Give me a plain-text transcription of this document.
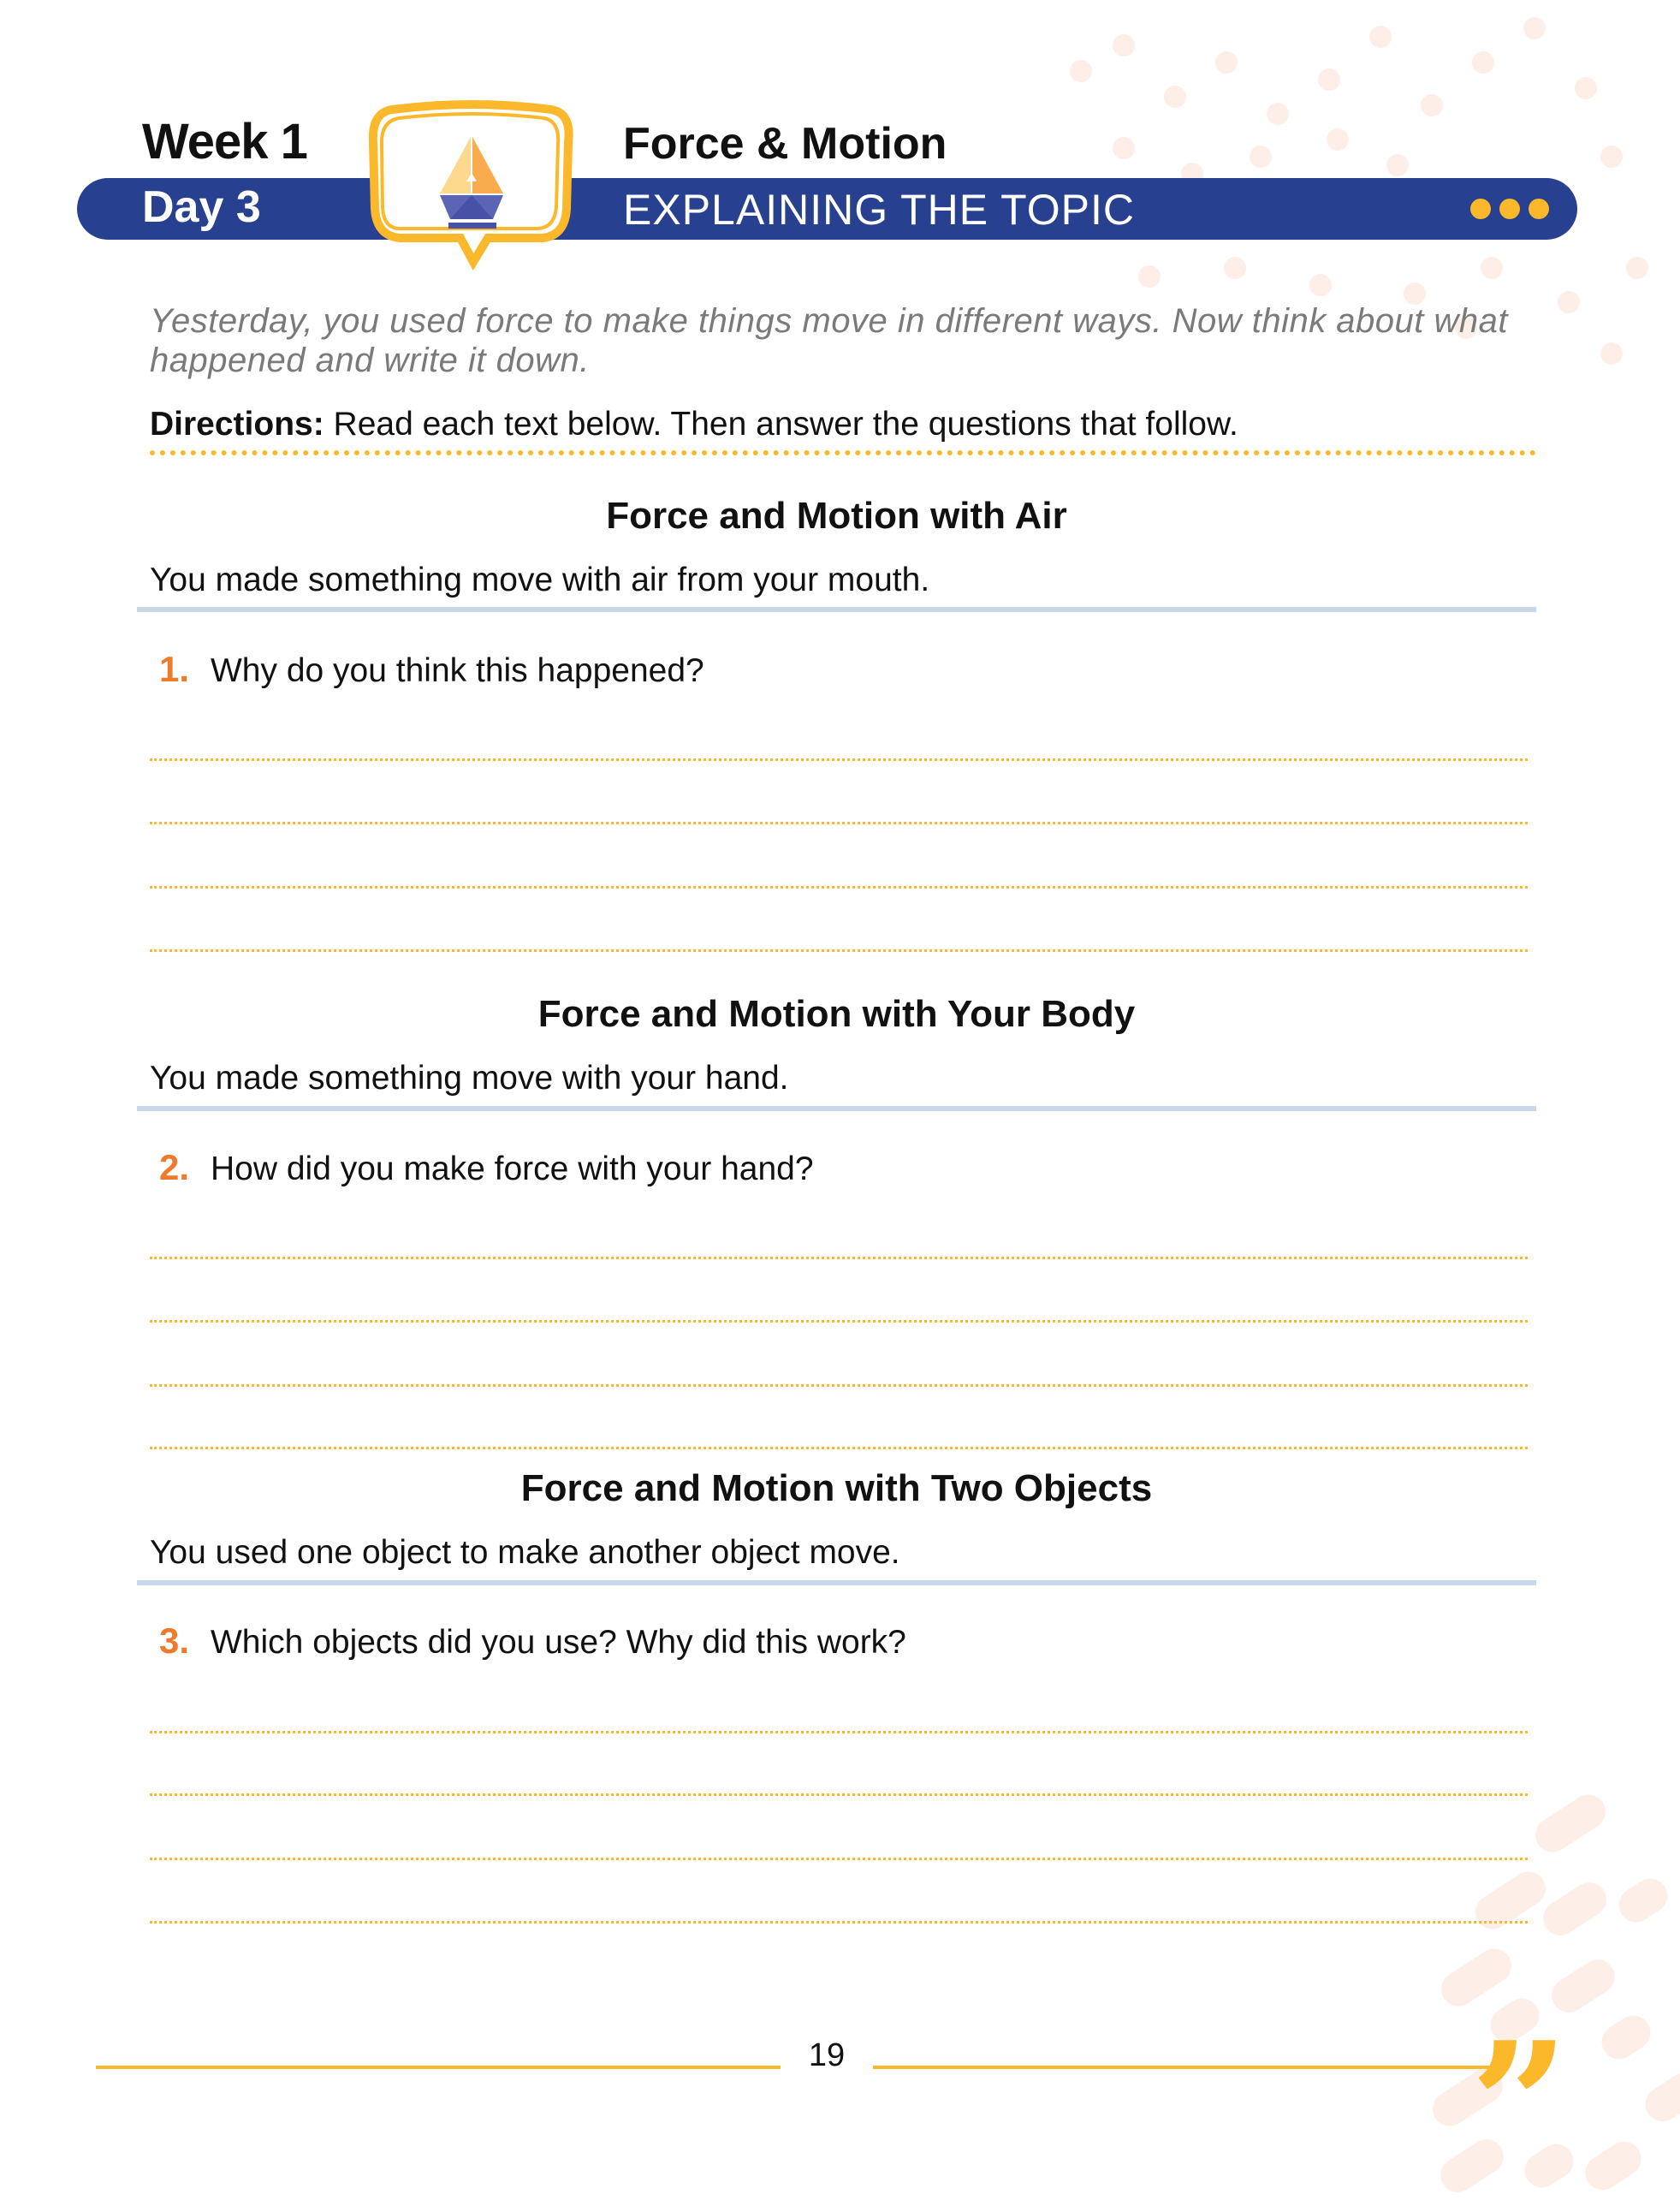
Week 1
Day 3
Force & Motion
EXPLAINING THE TOPIC
Yesterday, you used force to make things move in different ways. Now think about what happened and write it down.
Directions: Read each text below. Then answer the questions that follow.
Force and Motion with Air
You made something move with air from your mouth.
1. Why do you think this happened?
Force and Motion with Your Body
You made something move with your hand.
2. How did you make force with your hand?
Force and Motion with Two Objects
You used one object to make another object move.
3. Which objects did you use? Why did this work?
19	”
